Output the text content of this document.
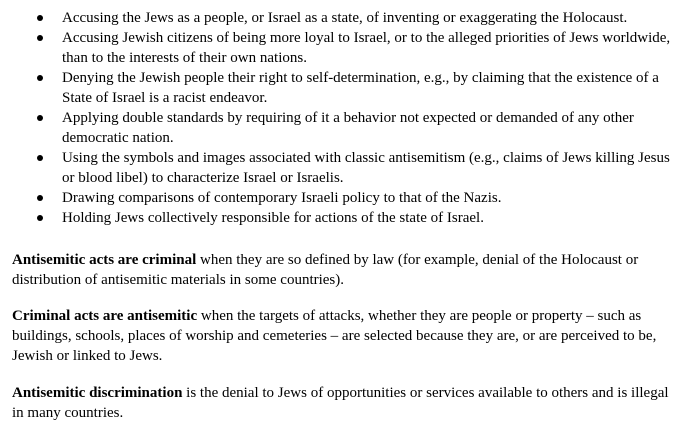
Accusing the Jews as a people, or Israel as a state, of inventing or exaggerating the Holocaust.
Accusing Jewish citizens of being more loyal to Israel, or to the alleged priorities of Jews worldwide, than to the interests of their own nations.
Denying the Jewish people their right to self-determination, e.g., by claiming that the existence of a State of Israel is a racist endeavor.
Applying double standards by requiring of it a behavior not expected or demanded of any other democratic nation.
Using the symbols and images associated with classic antisemitism (e.g., claims of Jews killing Jesus or blood libel) to characterize Israel or Israelis.
Drawing comparisons of contemporary Israeli policy to that of the Nazis.
Holding Jews collectively responsible for actions of the state of Israel.

Antisemitic acts are criminal when they are so defined by law (for example, denial of the Holocaust or distribution of antisemitic materials in some countries).

Criminal acts are antisemitic when the targets of attacks, whether they are people or property – such as buildings, schools, places of worship and cemeteries – are selected because they are, or are perceived to be, Jewish or linked to Jews.

Antisemitic discrimination is the denial to Jews of opportunities or services available to others and is illegal in many countries.
